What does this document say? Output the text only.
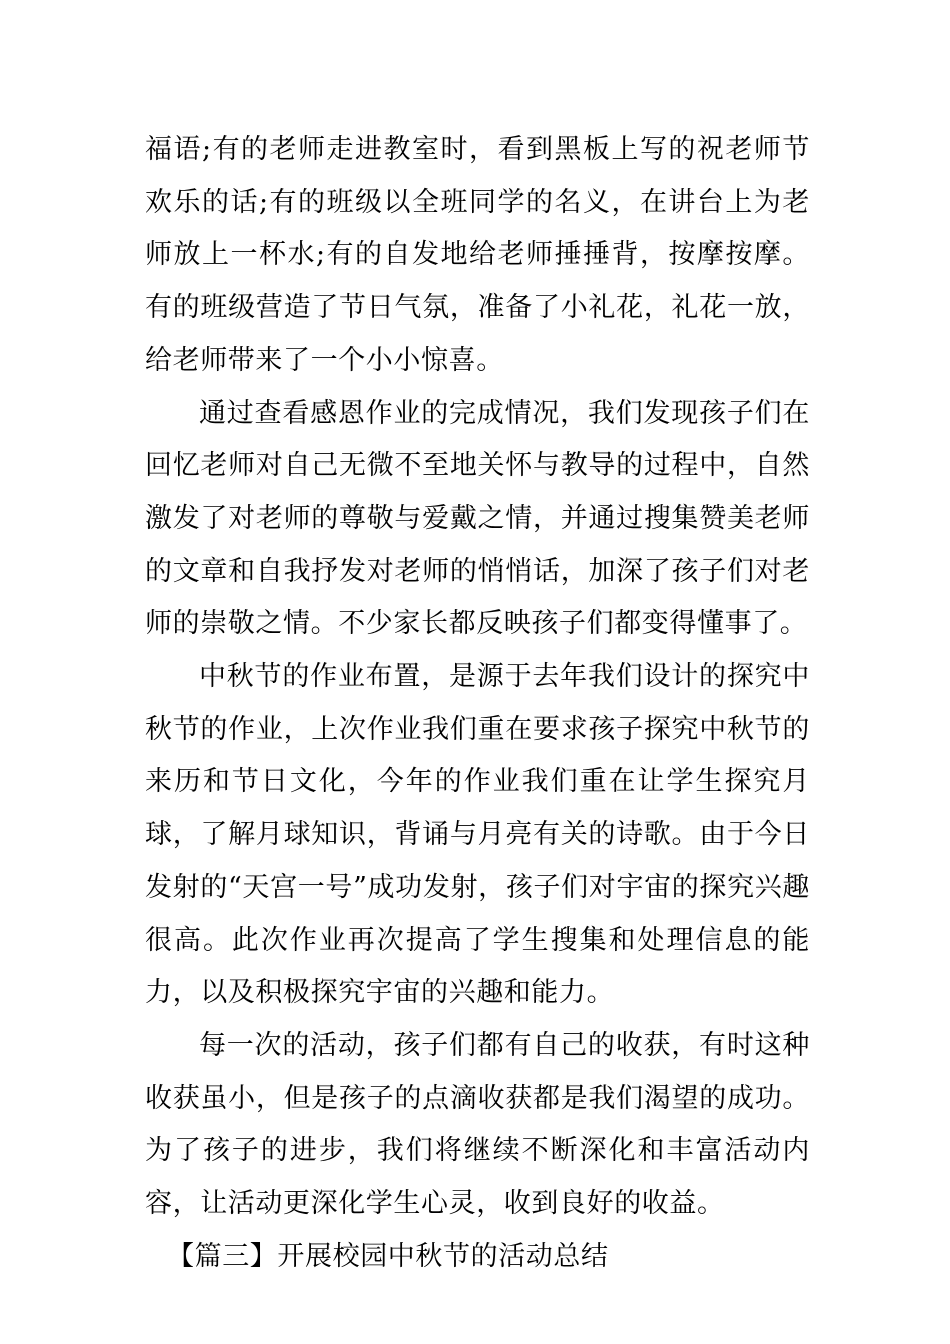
福语;有的老师走进教室时，看到黑板上写的祝老师节欢乐的话;有的班级以全班同学的名义，在讲台上为老师放上一杯水;有的自发地给老师捶捶背，按摩按摩。有的班级营造了节日气氛，准备了小礼花，礼花一放，给老师带来了一个小小惊喜。

通过查看感恩作业的完成情况，我们发现孩子们在回忆老师对自己无微不至地关怀与教导的过程中，自然激发了对老师的尊敬与爱戴之情，并通过搜集赞美老师的文章和自我抒发对老师的悄悄话，加深了孩子们对老师的崇敬之情。不少家长都反映孩子们都变得懂事了。

中秋节的作业布置，是源于去年我们设计的探究中秋节的作业，上次作业我们重在要求孩子探究中秋节的来历和节日文化，今年的作业我们重在让学生探究月球，了解月球知识，背诵与月亮有关的诗歌。由于今日发射的“天宫一号”成功发射，孩子们对宇宙的探究兴趣很高。此次作业再次提高了学生搜集和处理信息的能力，以及积极探究宇宙的兴趣和能力。

每一次的活动，孩子们都有自己的收获，有时这种收获虽小，但是孩子的点滴收获都是我们渴望的成功。为了孩子的进步，我们将继续不断深化和丰富活动内容，让活动更深化学生心灵，收到良好的收益。

【篇三】开展校园中秋节的活动总结
